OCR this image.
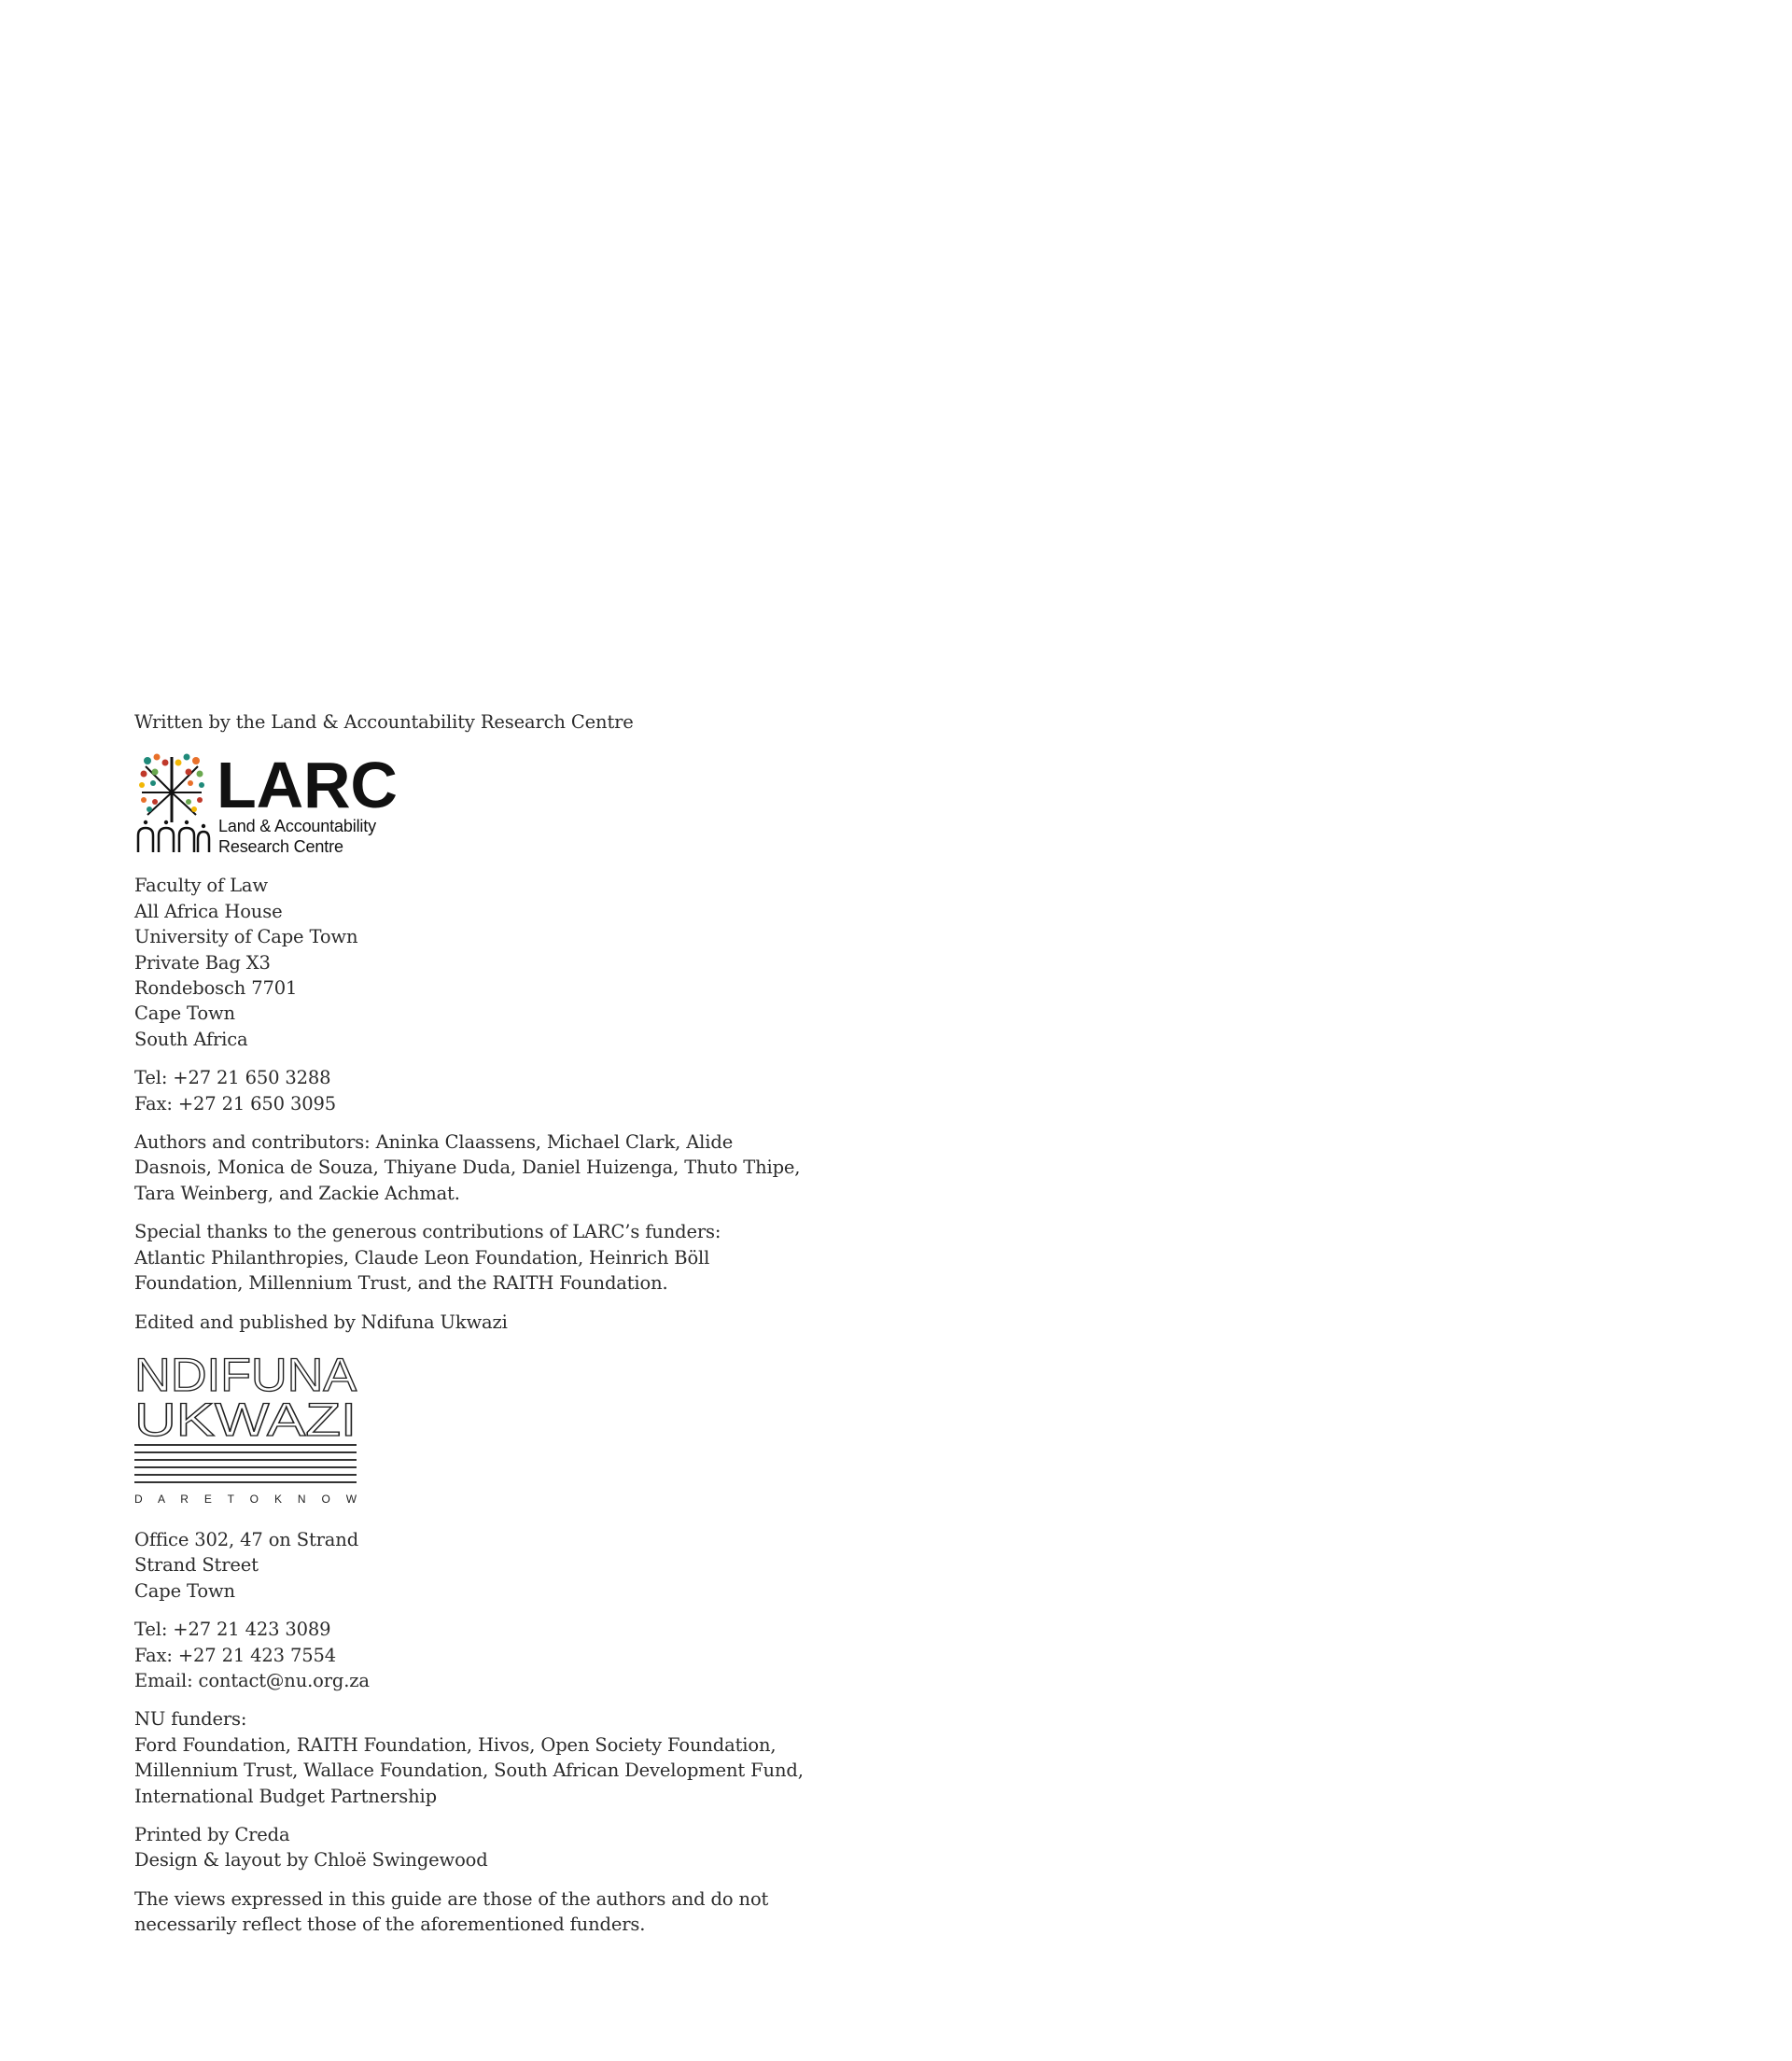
Written by the Land & Accountability Research Centre

LARC
Land & Accountability
Research Centre

Faculty of Law
All Africa House
University of Cape Town
Private Bag X3
Rondebosch 7701
Cape Town
South Africa

Tel: +27 21 650 3288
Fax: +27 21 650 3095

Authors and contributors: Aninka Claassens, Michael Clark, Alide
Dasnois, Monica de Souza, Thiyane Duda, Daniel Huizenga, Thuto Thipe,
Tara Weinberg, and Zackie Achmat.

Special thanks to the generous contributions of LARC’s funders:
Atlantic Philanthropies, Claude Leon Foundation, Heinrich Böll
Foundation, Millennium Trust, and the RAITH Foundation.

Edited and published by Ndifuna Ukwazi

NDIFUNA
UKWAZI
D A R E T O K N O W

Office 302, 47 on Strand
Strand Street
Cape Town

Tel: +27 21 423 3089
Fax: +27 21 423 7554
Email: contact@nu.org.za

NU funders:
Ford Foundation, RAITH Foundation, Hivos, Open Society Foundation,
Millennium Trust, Wallace Foundation, South African Development Fund,
International Budget Partnership

Printed by Creda
Design & layout by Chloë Swingewood

The views expressed in this guide are those of the authors and do not
necessarily reflect those of the aforementioned funders.
